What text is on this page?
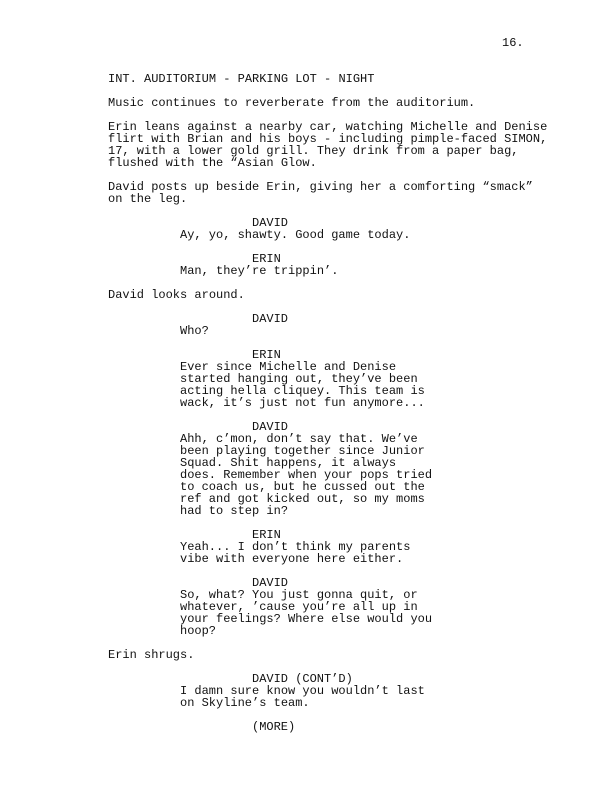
16.
INT. AUDITORIUM - PARKING LOT - NIGHT
Music continues to reverberate from the auditorium.
Erin leans against a nearby car, watching Michelle and Denise
flirt with Brian and his boys - including pimple-faced SIMON,
17, with a lower gold grill. They drink from a paper bag,
flushed with the “Asian Glow.
David posts up beside Erin, giving her a comforting “smack”
on the leg.
DAVID
Ay, yo, shawty. Good game today.
ERIN
Man, they’re trippin’.
David looks around.
DAVID
Who?
ERIN
Ever since Michelle and Denise
started hanging out, they’ve been
acting hella cliquey. This team is
wack, it’s just not fun anymore...
DAVID
Ahh, c’mon, don’t say that. We’ve
been playing together since Junior
Squad. Shit happens, it always
does. Remember when your pops tried
to coach us, but he cussed out the
ref and got kicked out, so my moms
had to step in?
ERIN
Yeah... I don’t think my parents
vibe with everyone here either.
DAVID
So, what? You just gonna quit, or
whatever, ’cause you’re all up in
your feelings? Where else would you
hoop?
Erin shrugs.
DAVID (CONT’D)
I damn sure know you wouldn’t last
on Skyline’s team.
(MORE)
